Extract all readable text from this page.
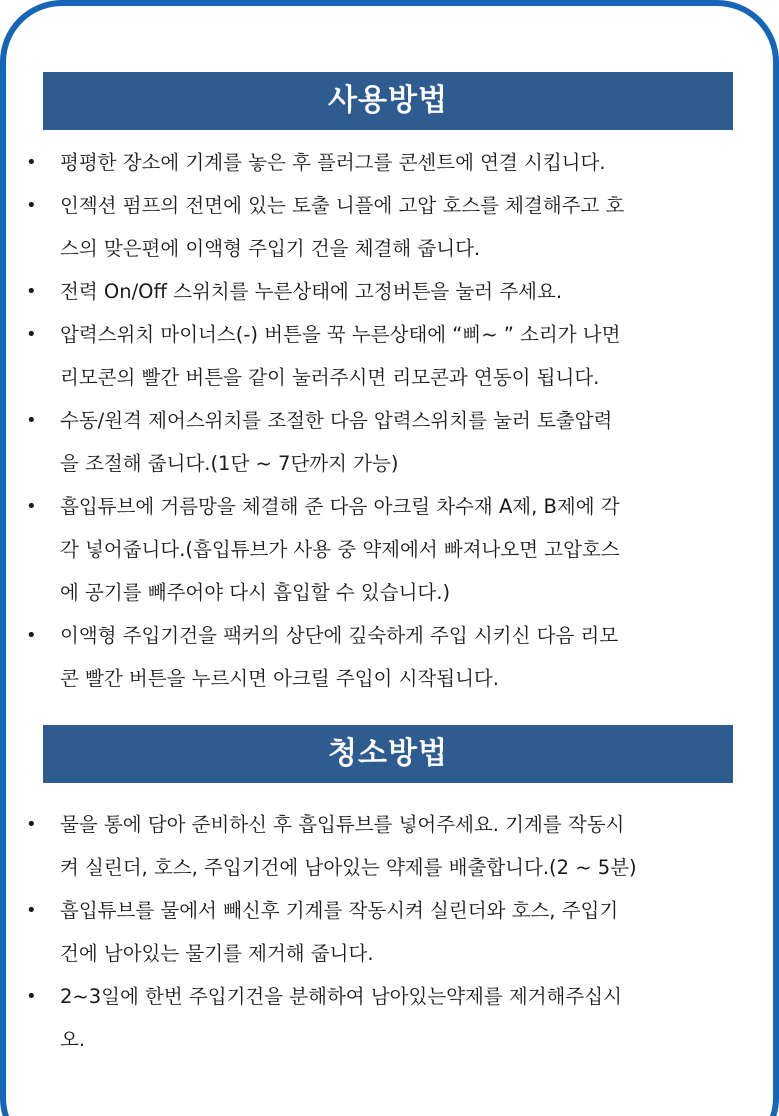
사용방법
• 평평한 장소에 기계를 놓은 후 플러그를 콘센트에 연결 시킵니다.
• 인젝션 펌프의 전면에 있는 토출 니플에 고압 호스를 체결해주고 호
스의 맞은편에 이액형 주입기 건을 체결해 줍니다.
• 전력 On/Off 스위치를 누른상태에 고정버튼을 눌러 주세요.
• 압력스위치 마이너스(-) 버튼을 꾹 누른상태에 “삐~ ” 소리가 나면
리모콘의 빨간 버튼을 같이 눌러주시면 리모콘과 연동이 됩니다.
• 수동/원격 제어스위치를 조절한 다음 압력스위치를 눌러 토출압력
을 조절해 줍니다.(1단 ~ 7단까지 가능)
• 흡입튜브에 거름망을 체결해 준 다음 아크릴 차수재 A제, B제에 각
각 넣어줍니다.(흡입튜브가 사용 중 약제에서 빠져나오면 고압호스
에 공기를 빼주어야 다시 흡입할 수 있습니다.)
• 이액형 주입기건을 팩커의 상단에 깊숙하게 주입 시키신 다음 리모
콘 빨간 버튼을 누르시면 아크릴 주입이 시작됩니다.
청소방법
• 물을 통에 담아 준비하신 후 흡입튜브를 넣어주세요. 기계를 작동시
켜 실린더, 호스, 주입기건에 남아있는 약제를 배출합니다.(2 ~ 5분)
• 흡입튜브를 물에서 빼신후 기계를 작동시켜 실린더와 호스, 주입기
건에 남아있는 물기를 제거해 줍니다.
• 2~3일에 한번 주입기건을 분해하여 남아있는약제를 제거해주십시
오.
